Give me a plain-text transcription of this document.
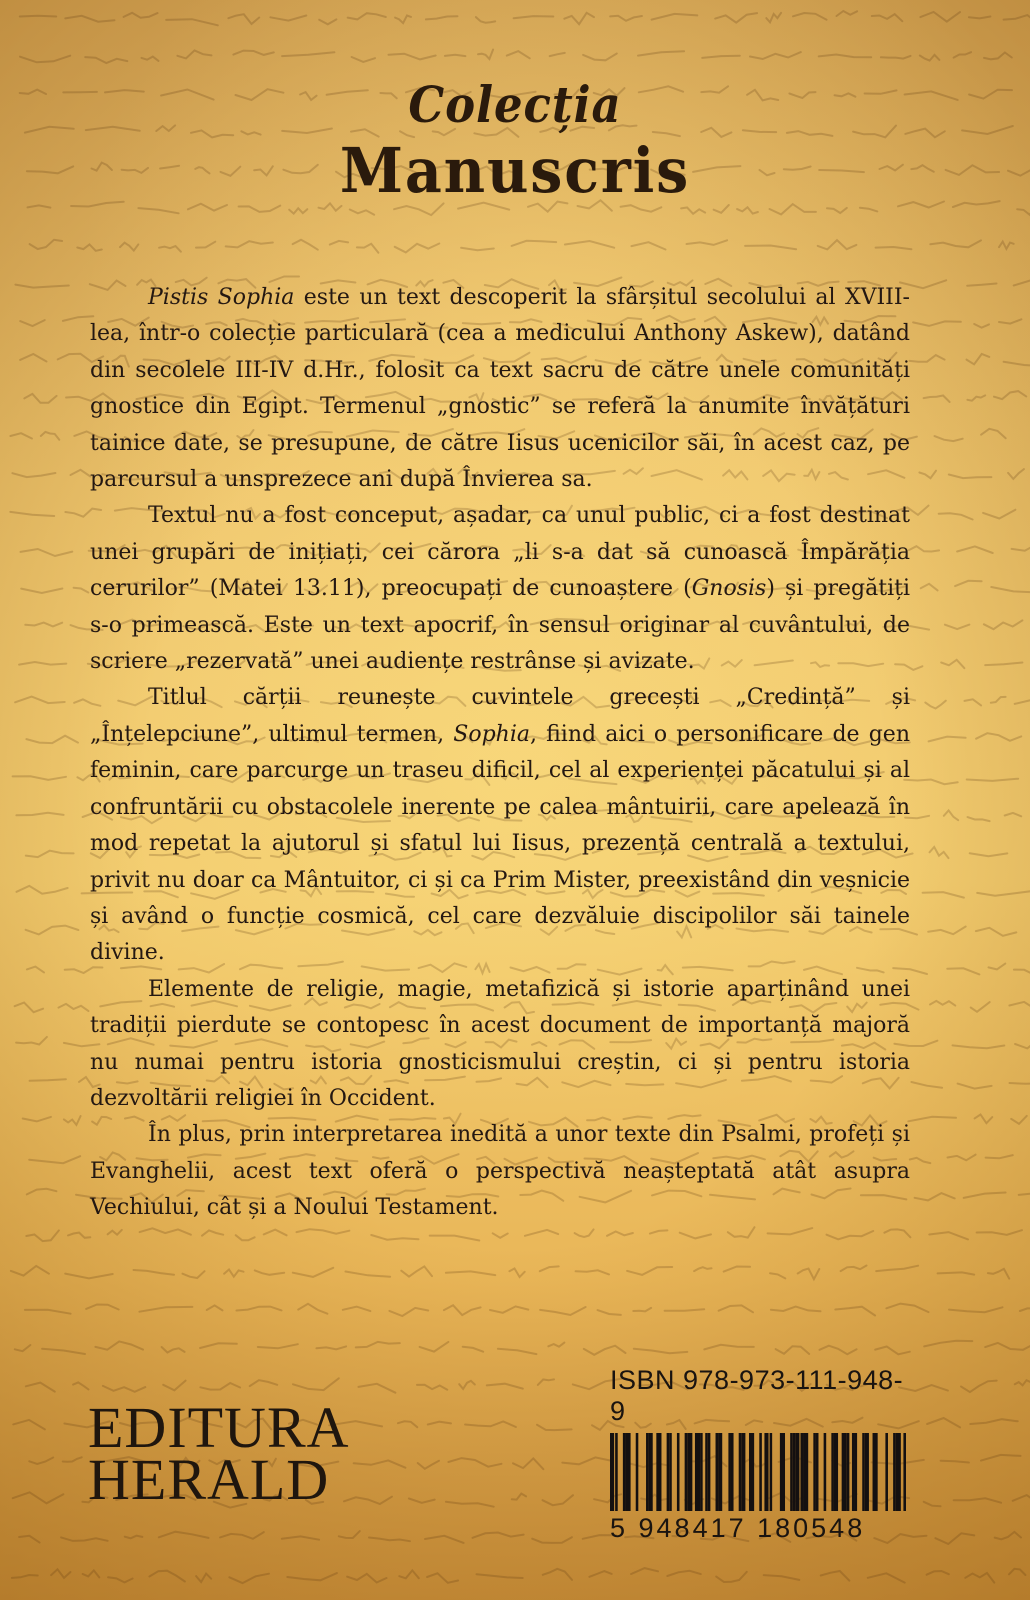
Colecția
Manuscris

Pistis Sophia este un text descoperit la sfârșitul secolului al XVIII-lea, într-o colecție particulară (cea a medicului Anthony Askew), datând din secolele III-IV d.Hr., folosit ca text sacru de către unele comunități gnostice din Egipt. Termenul „gnostic” se referă la anumite învățături tainice date, se presupune, de către Iisus ucenicilor săi, în acest caz, pe parcursul a unsprezece ani după Învierea sa.

Textul nu a fost conceput, așadar, ca unul public, ci a fost destinat unei grupări de inițiați, cei cărora „li s-a dat să cunoască Împărăția cerurilor” (Matei 13.11), preocupați de cunoaștere (Gnosis) și pregătiți s-o primească. Este un text apocrif, în sensul originar al cuvântului, de scriere „rezervată” unei audiențe restrânse și avizate.

Titlul cărții reunește cuvintele grecești „Credință” și „Înțelepciune”, ultimul termen, Sophia, fiind aici o personificare de gen feminin, care parcurge un traseu dificil, cel al experienței păcatului și al confruntării cu obstacolele inerente pe calea mântuirii, care apelează în mod repetat la ajutorul și sfatul lui Iisus, prezență centrală a textului, privit nu doar ca Mântuitor, ci și ca Prim Mister, preexistând din veșnicie și având o funcție cosmică, cel care dezvăluie discipolilor săi tainele divine.

Elemente de religie, magie, metafizică și istorie aparținând unei tradiții pierdute se contopesc în acest document de importanță majoră nu numai pentru istoria gnosticismului creștin, ci și pentru istoria dezvoltării religiei în Occident.

În plus, prin interpretarea inedită a unor texte din Psalmi, profeți și Evanghelii, acest text oferă o perspectivă neașteptată atât asupra Vechiului, cât și a Noului Testament.

EDITURA
HERALD
ISBN 978-973-111-948-9
5 948417 180548
